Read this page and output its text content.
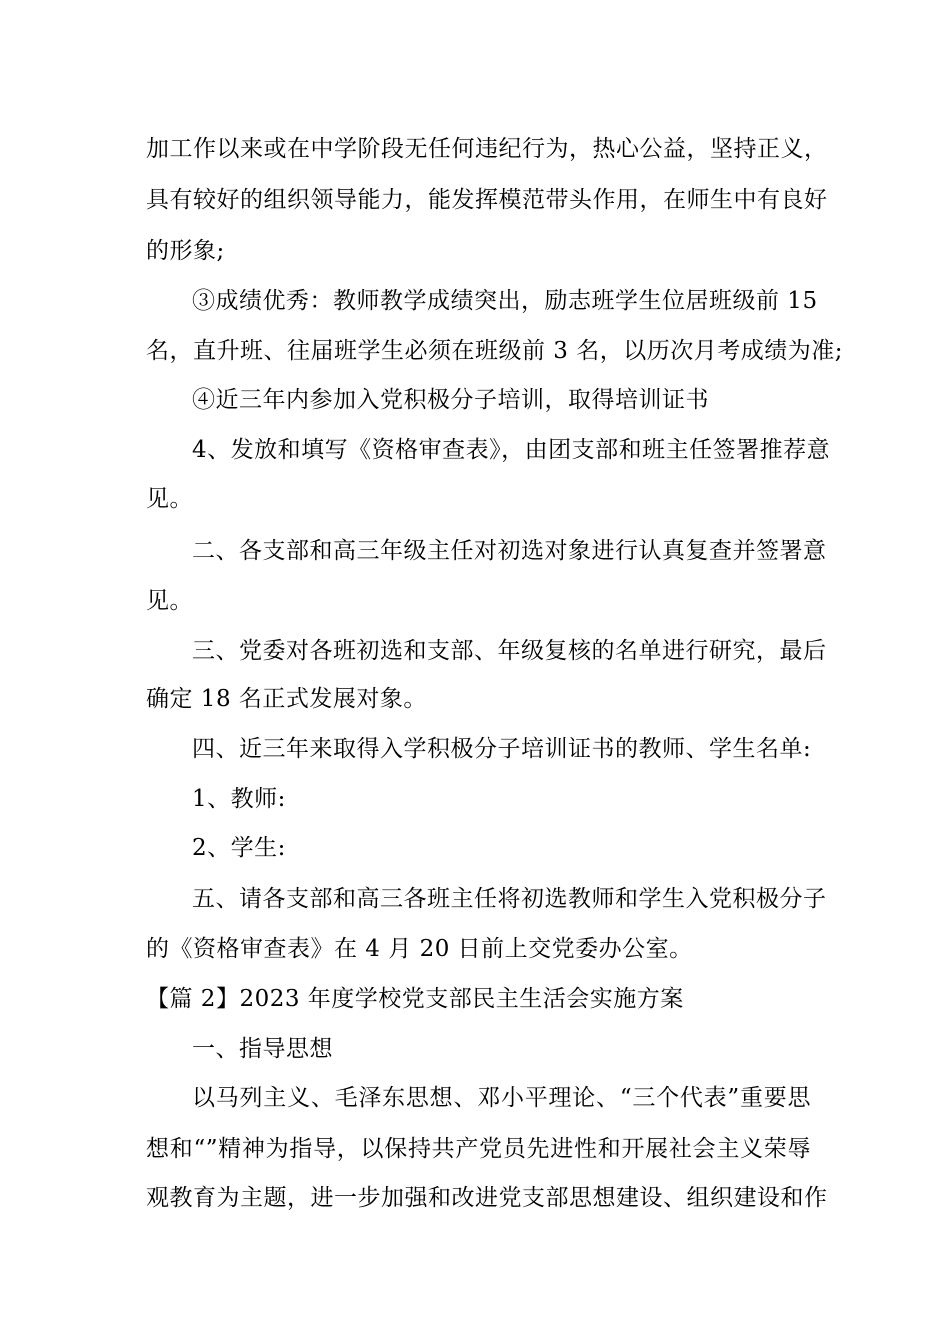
加工作以来或在中学阶段无任何违纪行为，热心公益，坚持正义，
具有较好的组织领导能力，能发挥模范带头作用，在师生中有良好
的形象;
③成绩优秀：教师教学成绩突出，励志班学生位居班级前 15
名，直升班、往届班学生必须在班级前 3 名，以历次月考成绩为准;
④近三年内参加入党积极分子培训，取得培训证书
4、发放和填写《资格审查表》，由团支部和班主任签署推荐意
见。
二、各支部和高三年级主任对初选对象进行认真复查并签署意
见。
三、党委对各班初选和支部、年级复核的名单进行研究，最后
确定 18 名正式发展对象。
四、近三年来取得入学积极分子培训证书的教师、学生名单:
1、教师:
2、学生:
五、请各支部和高三各班主任将初选教师和学生入党积极分子
的《资格审查表》在 4 月 20 日前上交党委办公室。
【篇 2】2023 年度学校党支部民主生活会实施方案
一、指导思想
以马列主义、毛泽东思想、邓小平理论、“三个代表”重要思
想和“”精神为指导，以保持共产党员先进性和开展社会主义荣辱
观教育为主题，进一步加强和改进党支部思想建设、组织建设和作
